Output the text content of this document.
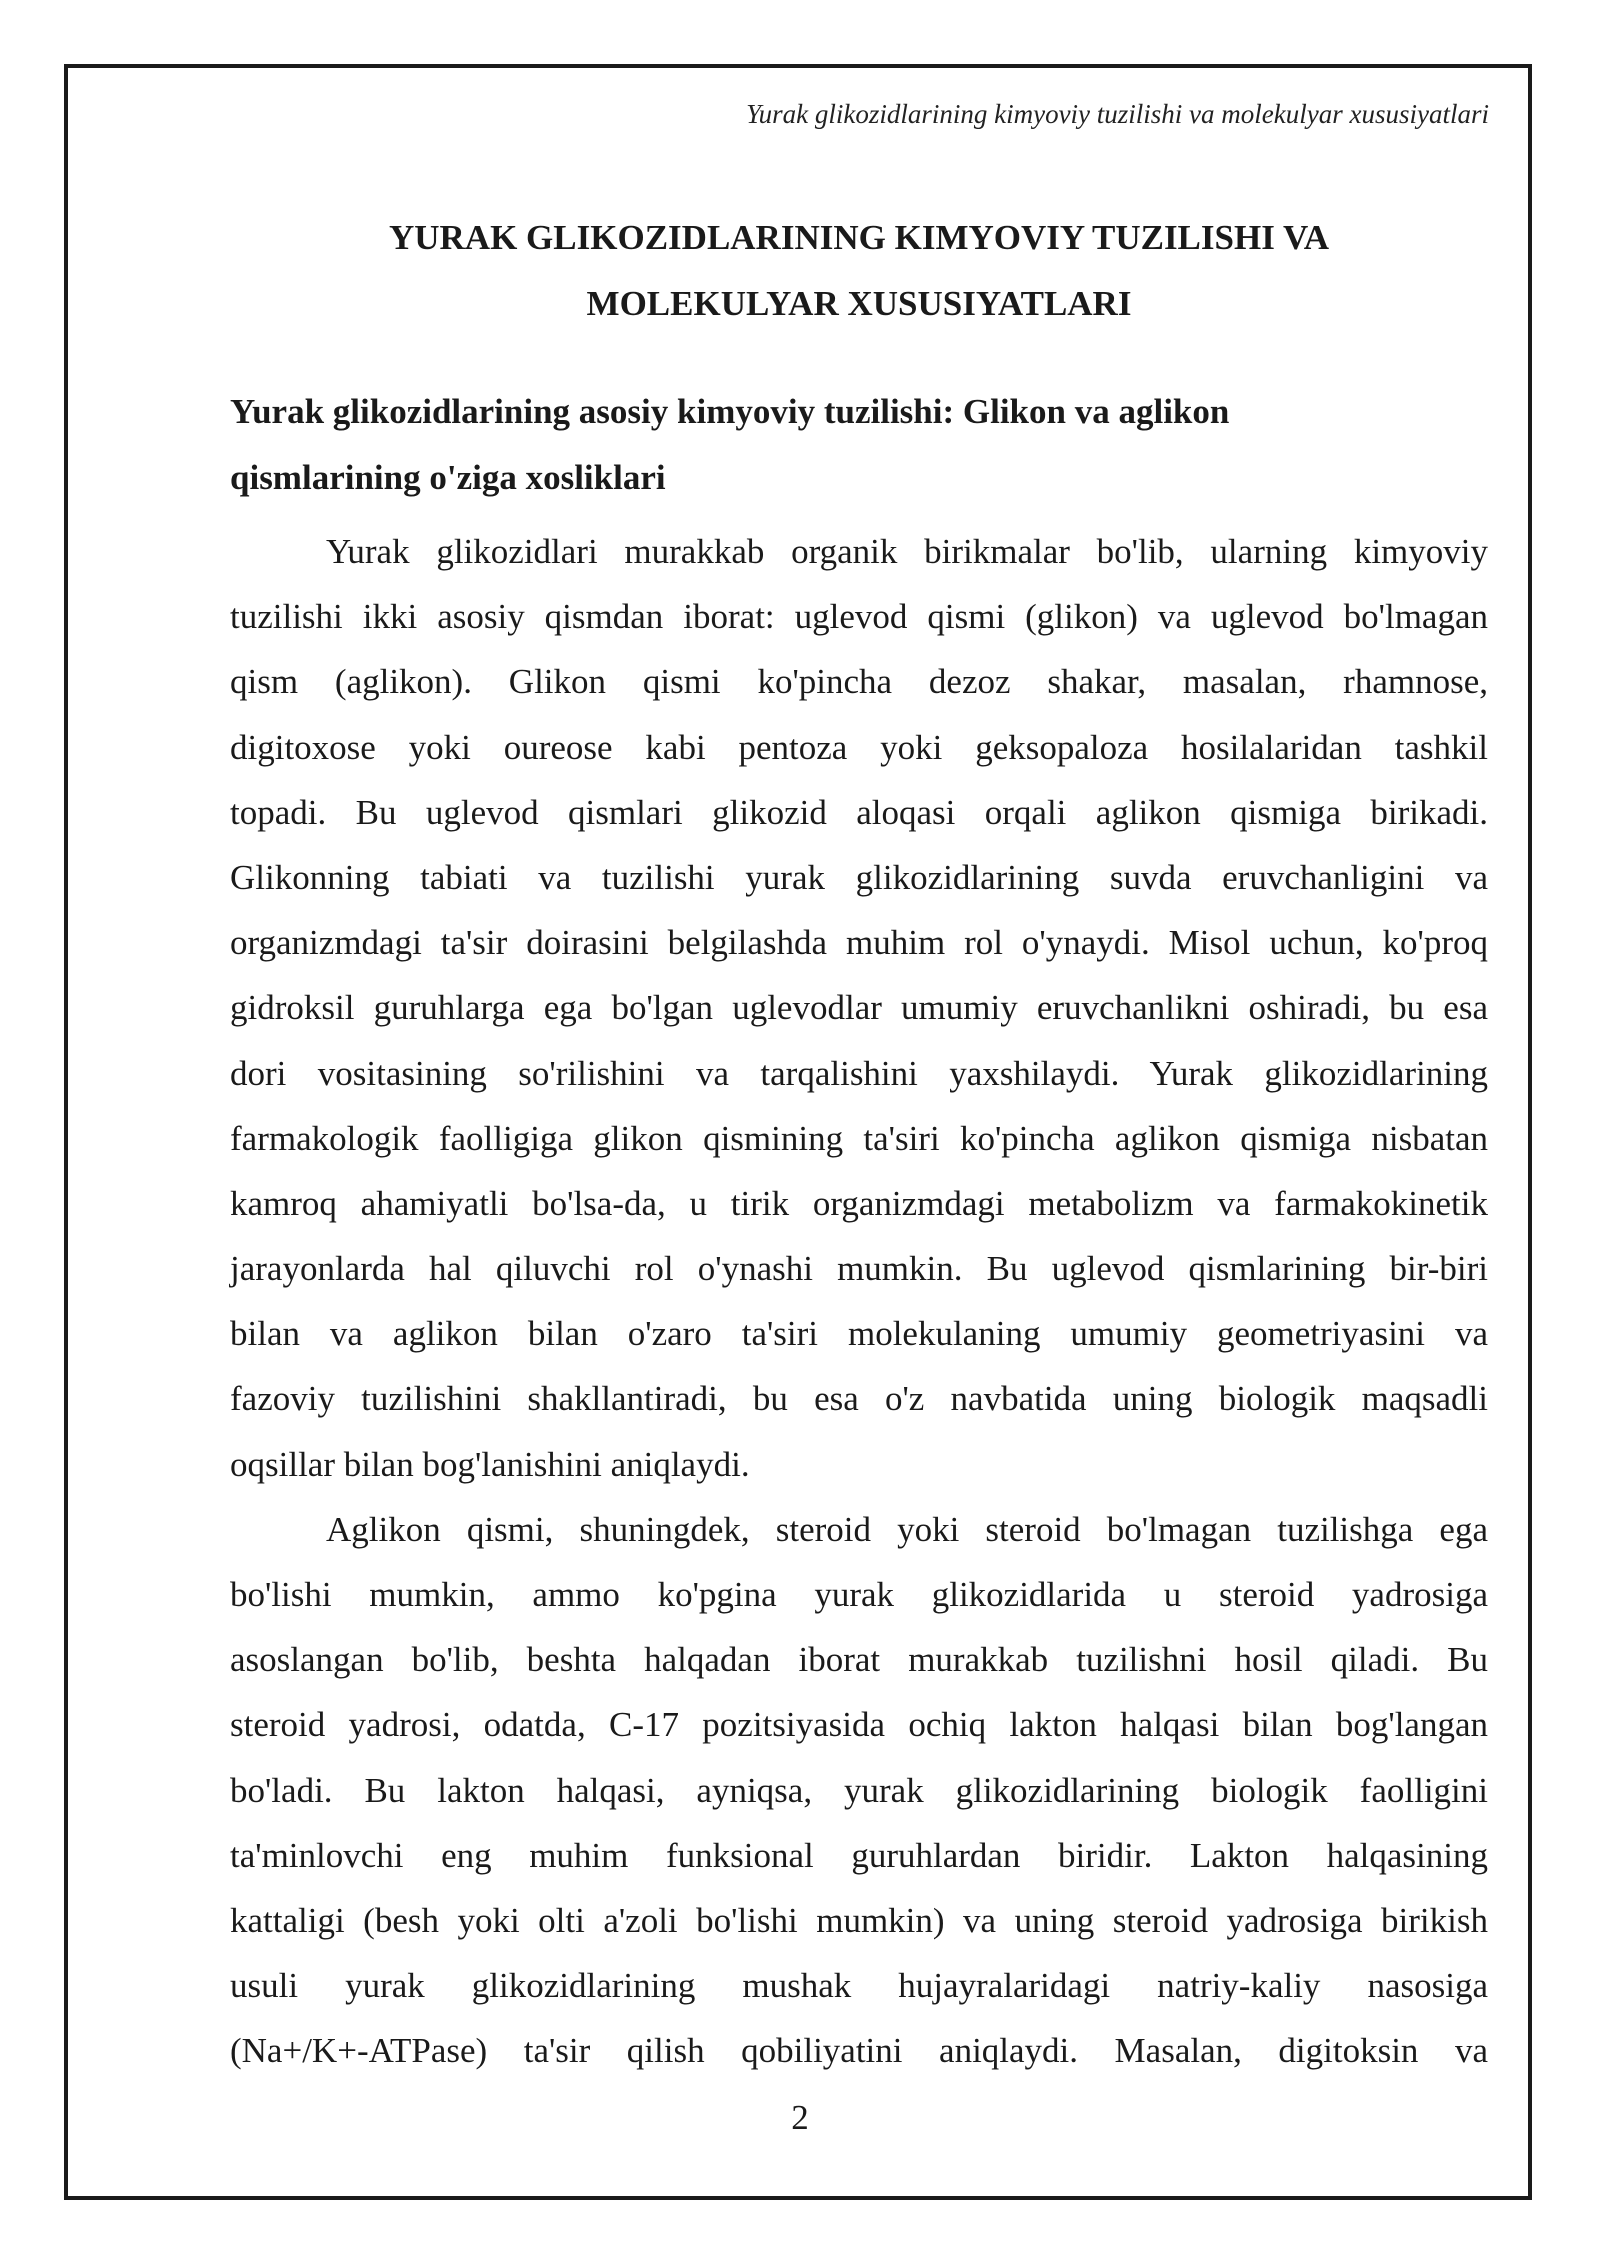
Yurak glikozidlarining kimyoviy tuzilishi va molekulyar xususiyatlari
YURAK GLIKOZIDLARINING KIMYOVIY TUZILISHI VA
MOLEKULYAR XUSUSIYATLARI
Yurak glikozidlarining asosiy kimyoviy tuzilishi: Glikon va aglikon
qismlarining o'ziga xosliklari

Yurak glikozidlari murakkab organik birikmalar bo'lib, ularning kimyoviy
tuzilishi ikki asosiy qismdan iborat: uglevod qismi (glikon) va uglevod bo'lmagan
qism (aglikon). Glikon qismi ko'pincha dezoz shakar, masalan, rhamnose,
digitoxose yoki oureose kabi pentoza yoki geksopaloza hosilalaridan tashkil
topadi. Bu uglevod qismlari glikozid aloqasi orqali aglikon qismiga birikadi.
Glikonning tabiati va tuzilishi yurak glikozidlarining suvda eruvchanligini va
organizmdagi ta'sir doirasini belgilashda muhim rol o'ynaydi. Misol uchun, ko'proq
gidroksil guruhlarga ega bo'lgan uglevodlar umumiy eruvchanlikni oshiradi, bu esa
dori vositasining so'rilishini va tarqalishini yaxshilaydi. Yurak glikozidlarining
farmakologik faolligiga glikon qismining ta'siri ko'pincha aglikon qismiga nisbatan
kamroq ahamiyatli bo'lsa-da, u tirik organizmdagi metabolizm va farmakokinetik
jarayonlarda hal qiluvchi rol o'ynashi mumkin. Bu uglevod qismlarining bir-biri
bilan va aglikon bilan o'zaro ta'siri molekulaning umumiy geometriyasini va
fazoviy tuzilishini shakllantiradi, bu esa o'z navbatida uning biologik maqsadli
oqsillar bilan bog'lanishini aniqlaydi.

Aglikon qismi, shuningdek, steroid yoki steroid bo'lmagan tuzilishga ega
bo'lishi mumkin, ammo ko'pgina yurak glikozidlarida u steroid yadrosiga
asoslangan bo'lib, beshta halqadan iborat murakkab tuzilishni hosil qiladi. Bu
steroid yadrosi, odatda, C-17 pozitsiyasida ochiq lakton halqasi bilan bog'langan
bo'ladi. Bu lakton halqasi, ayniqsa, yurak glikozidlarining biologik faolligini
ta'minlovchi eng muhim funksional guruhlardan biridir. Lakton halqasining
kattaligi (besh yoki olti a'zoli bo'lishi mumkin) va uning steroid yadrosiga birikish
usuli yurak glikozidlarining mushak hujayralaridagi natriy-kaliy nasosiga
(Na+/K+-ATPase) ta'sir qilish qobiliyatini aniqlaydi. Masalan, digitoksin va

2
